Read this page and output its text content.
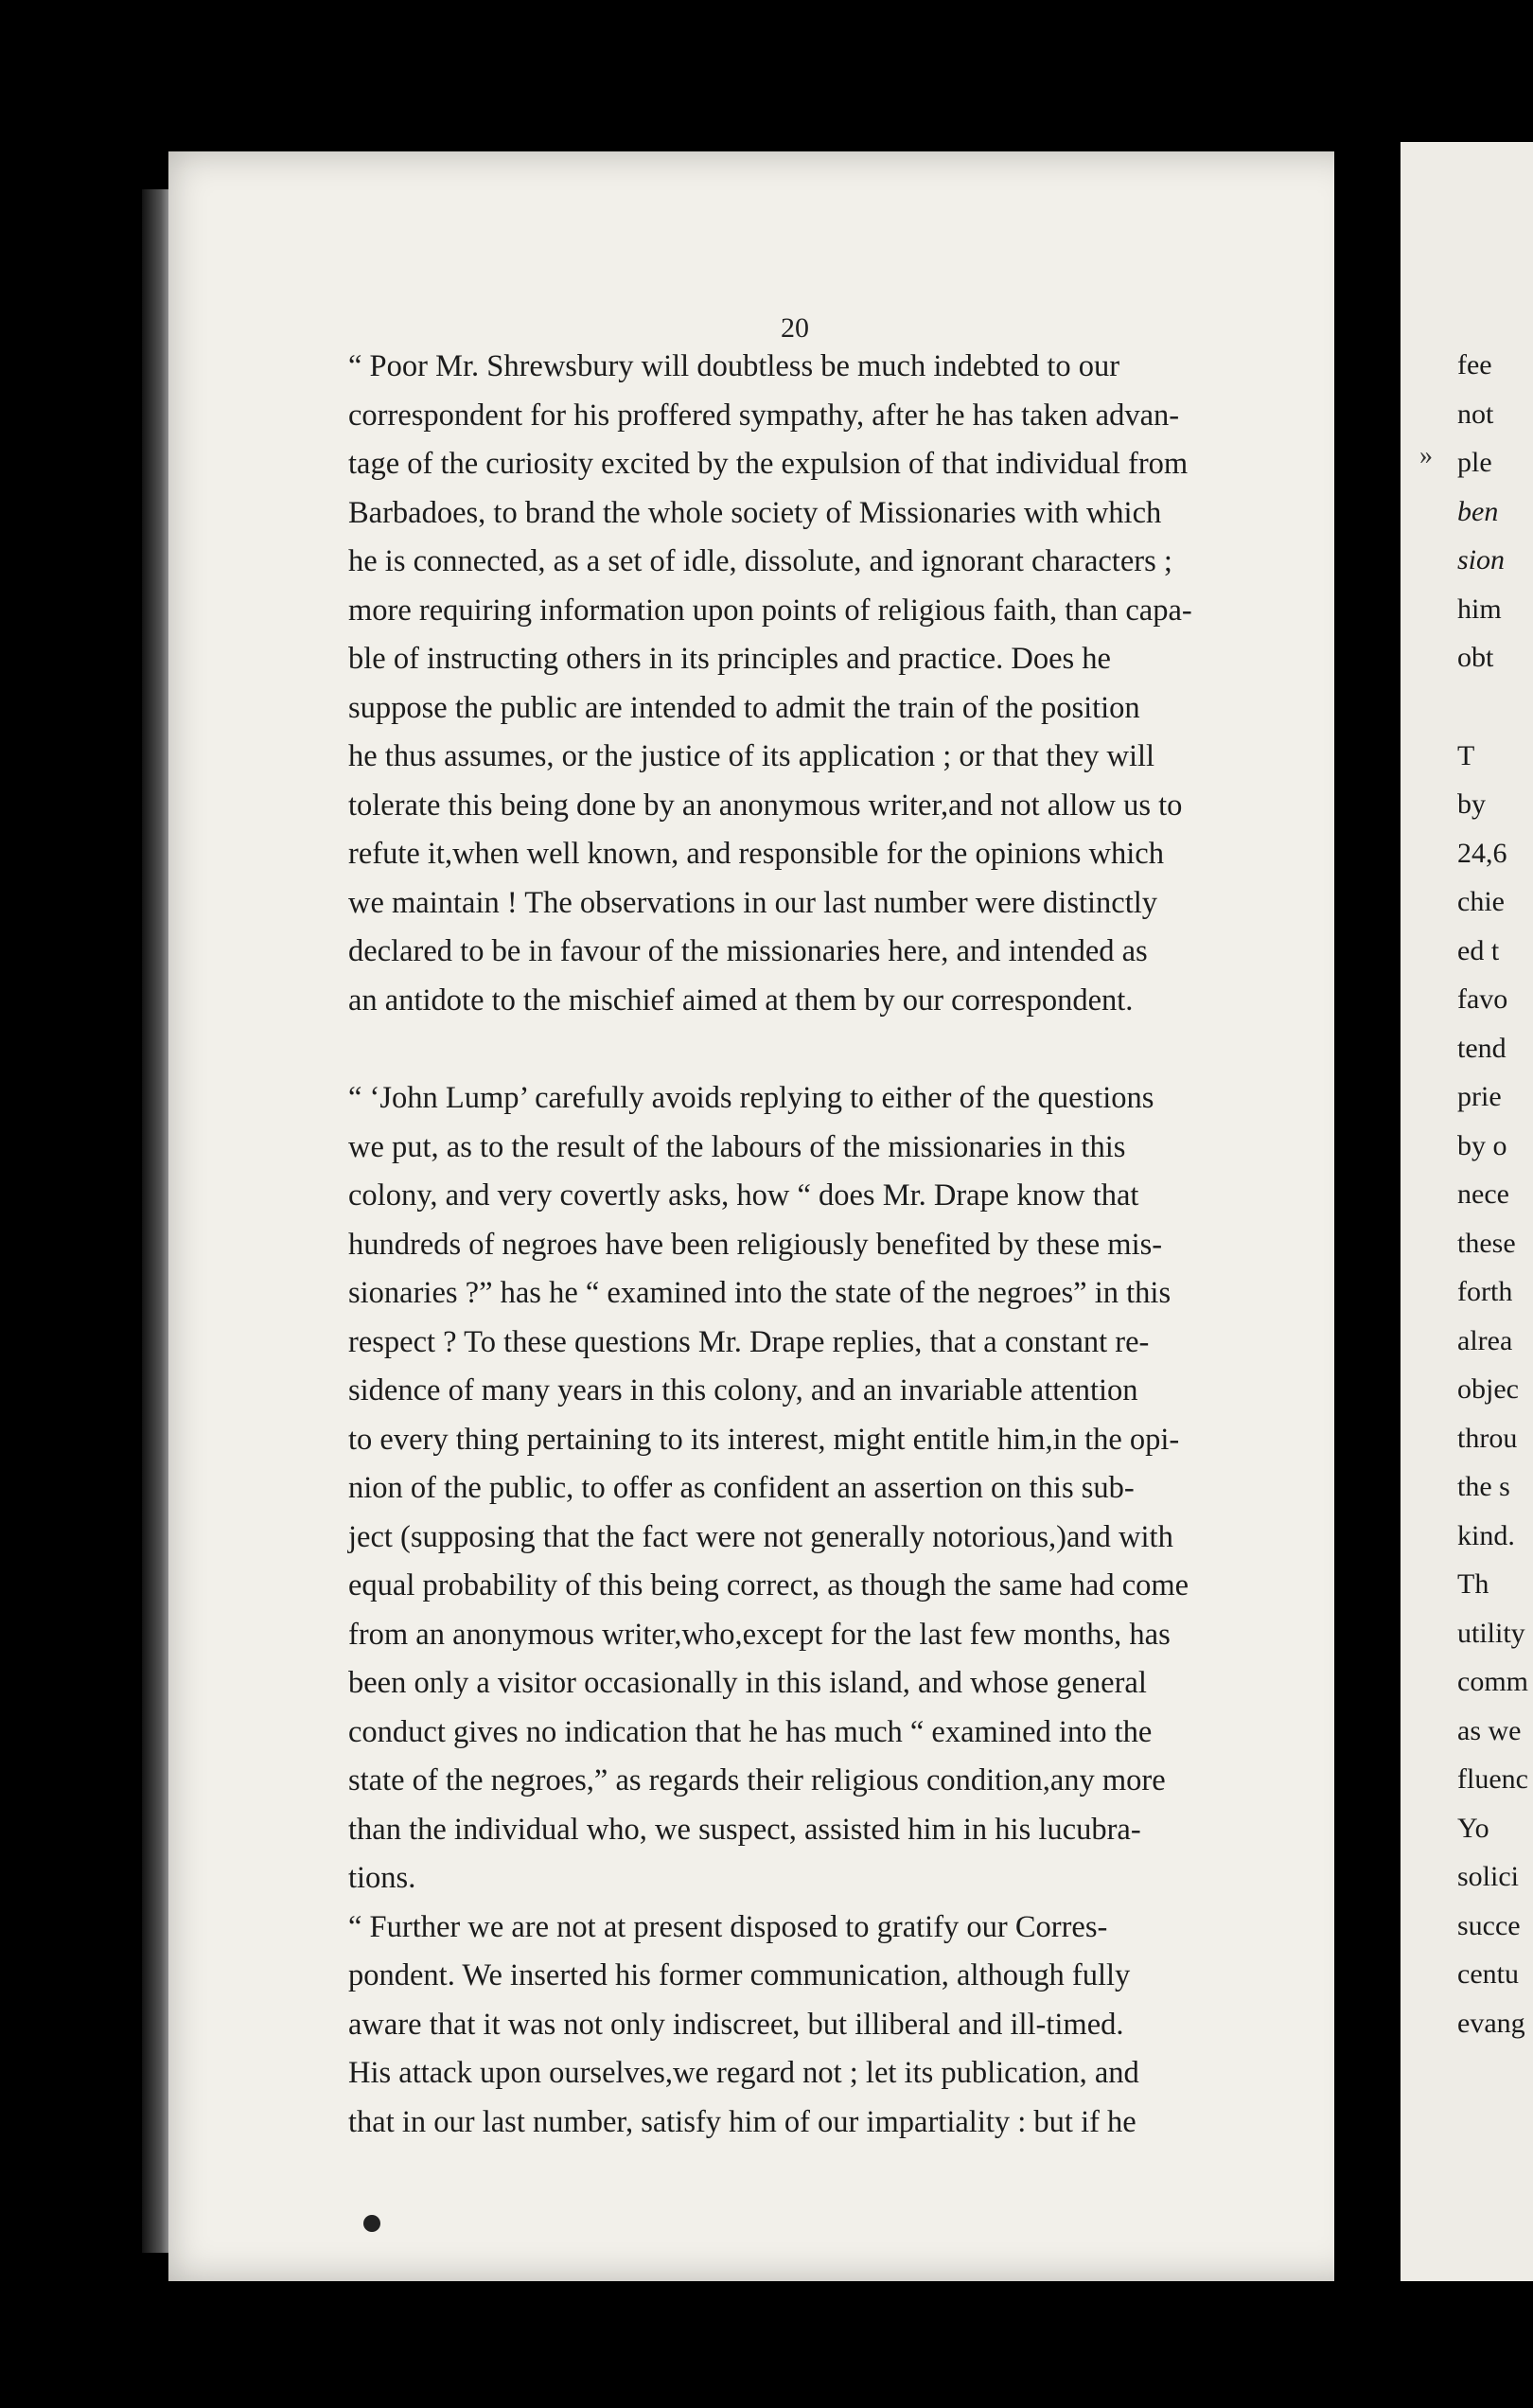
20

“ Poor Mr. Shrewsbury will doubtless be much indebted to our
correspondent for his proffered sympathy, after he has taken advan-
tage of the curiosity excited by the expulsion of that individual from
Barbadoes, to brand the whole society of Missionaries with which
he is connected, as a set of idle, dissolute, and ignorant characters ;
more requiring information upon points of religious faith, than capa-
ble of instructing others in its principles and practice. Does he
suppose the public are intended to admit the train of the position
he thus assumes, or the justice of its application ; or that they will
tolerate this being done by an anonymous writer,and not allow us to
refute it,when well known, and responsible for the opinions which
we maintain ! The observations in our last number were distinctly
declared to be in favour of the missionaries here, and intended as
an antidote to the mischief aimed at them by our correspondent.

“ ‘John Lump’ carefully avoids replying to either of the questions
we put, as to the result of the labours of the missionaries in this
colony, and very covertly asks, how “ does Mr. Drape know that
hundreds of negroes have been religiously benefited by these mis-
sionaries ?” has he “ examined into the state of the negroes” in this
respect ? To these questions Mr. Drape replies, that a constant re-
sidence of many years in this colony, and an invariable attention
to every thing pertaining to its interest, might entitle him,in the opi-
nion of the public, to offer as confident an assertion on this sub-
ject (supposing that the fact were not generally notorious,)and with
equal probability of this being correct, as though the same had come
from an anonymous writer,who,except for the last few months, has
been only a visitor occasionally in this island, and whose general
conduct gives no indication that he has much “ examined into the
state of the negroes,” as regards their religious condition,any more
than the individual who, we suspect, assisted him in his lucubra-
tions.

“ Further we are not at present disposed to gratify our Corres-
pondent. We inserted his former communication, although fully
aware that it was not only indiscreet, but illiberal and ill-timed.
His attack upon ourselves,we regard not ; let its publication, and
that in our last number, satisfy him of our impartiality : but if he

»
fee
not
ple
ben
sion
him
obt
T
by
24,6
chie
ed t
favo
tend
prie
by o
nece
these
forth
alrea
objec
throu
the s
kind.
Th
utility
comm
as we
fluenc
Yo
solici
succe
centu
evang
